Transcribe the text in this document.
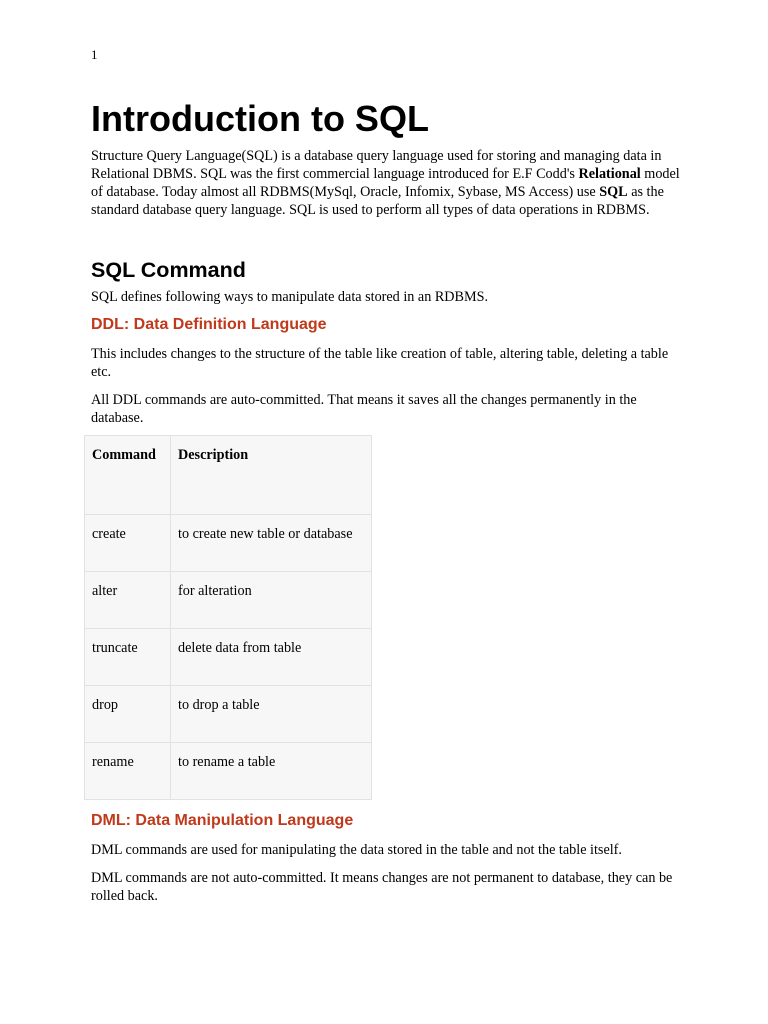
1
Introduction to SQL

Structure Query Language(SQL) is a database query language used for storing and managing data in Relational DBMS. SQL was the first commercial language introduced for E.F Codd's Relational model of database. Today almost all RDBMS(MySql, Oracle, Infomix, Sybase, MS Access) use SQL as the standard database query language. SQL is used to perform all types of data operations in RDBMS.

SQL Command

SQL defines following ways to manipulate data stored in an RDBMS.

DDL: Data Definition Language

This includes changes to the structure of the table like creation of table, altering table, deleting a table etc.

All DDL commands are auto-committed. That means it saves all the changes permanently in the database.

Command	Description
create	to create new table or database
alter	for alteration
truncate	delete data from table
drop	to drop a table
rename	to rename a table
DML: Data Manipulation Language

DML commands are used for manipulating the data stored in the table and not the table itself.

DML commands are not auto-committed. It means changes are not permanent to database, they can be rolled back.
